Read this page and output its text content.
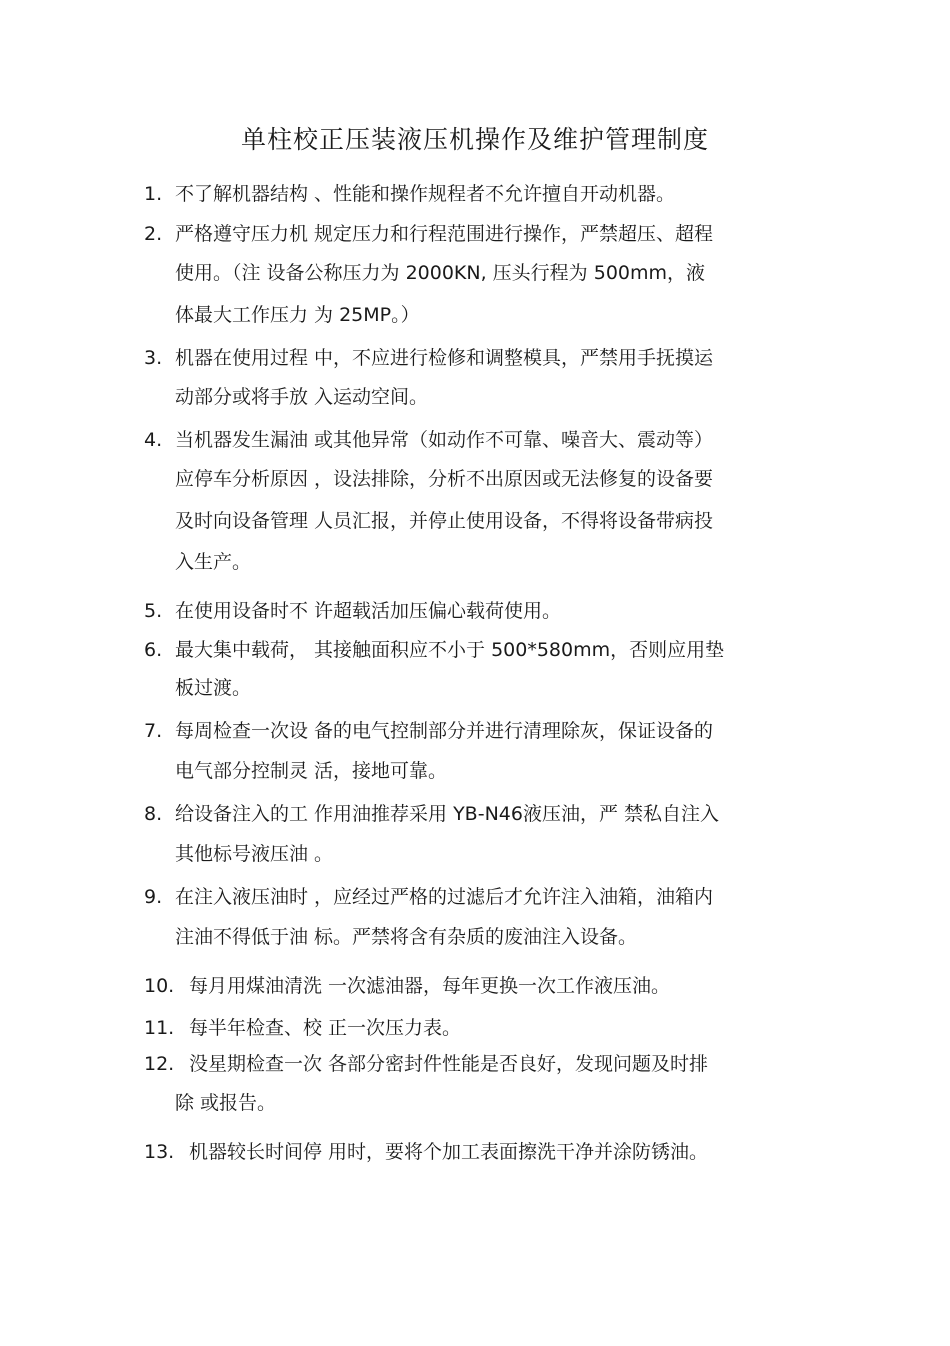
单柱校正压装液压机操作及维护管理制度
1. 不了解机器结构 、性能和操作规程者不允许擅自开动机器。
2. 严格遵守压力机 规定压力和行程范围进行操作，严禁超压、超程
使用。（注 设备公称压力为 2000KN, 压头行程为 500mm，液
体最大工作压力 为 25MP。）
3. 机器在使用过程 中，不应进行检修和调整模具，严禁用手抚摸运
动部分或将手放 入运动空间。
4. 当机器发生漏油 或其他异常（如动作不可靠、噪音大、震动等）
应停车分析原因 ，设法排除，分析不出原因或无法修复的设备要
及时向设备管理 人员汇报，并停止使用设备，不得将设备带病投
入生产。
5. 在使用设备时不 许超载活加压偏心载荷使用。
6. 最大集中载荷， 其接触面积应不小于 500*580mm，否则应用垫
板过渡。
7. 每周检查一次设 备的电气控制部分并进行清理除灰，保证设备的
电气部分控制灵 活，接地可靠。
8. 给设备注入的工 作用油推荐采用 YB-N46液压油，严 禁私自注入
其他标号液压油 。
9. 在注入液压油时 ，应经过严格的过滤后才允许注入油箱，油箱内
注油不得低于油 标。严禁将含有杂质的废油注入设备。
10. 每月用煤油清洗 一次滤油器，每年更换一次工作液压油。
11. 每半年检查、校 正一次压力表。
12. 没星期检查一次 各部分密封件性能是否良好，发现问题及时排
除 或报告。
13. 机器较长时间停 用时，要将个加工表面擦洗干净并涂防锈油。
